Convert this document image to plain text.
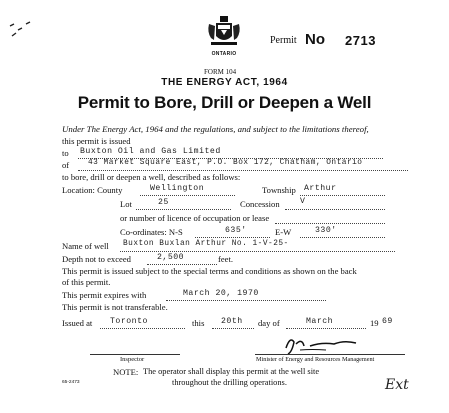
ONTARIO
Permit No 2713
FORM 104
THE ENERGY ACT, 1964
Permit to Bore, Drill or Deepen a Well
Under The Energy Act, 1964 and the regulations, and subject to the limitations thereof,
this permit is issued
to Buxton Oil and Gas Limited
of 43 Market Square East, P.O. Box 172, Chatham, Ontario
to bore, drill or deepen a well, described as follows:
Location: County	Wellington	Township Arthur
Lot	25	Concession V
or number of licence of occupation or lease
Co-ordinates: N-S	635'	E-W	330'
Name of well Buxton Buxlan Arthur No. 1-V-25-
Depth not to exceed	2,500	feet.
This permit is issued subject to the special terms and conditions as shown on the back
of this permit.
This permit expires with	March 20, 1970
This permit is not transferable.
Issued at Toronto	this 20th day of	March	19 69
Inspector	Minister of Energy and Resources Management
NOTE: The operator shall display this permit at the well site
throughout the drilling operations.
65-2473	Ext
